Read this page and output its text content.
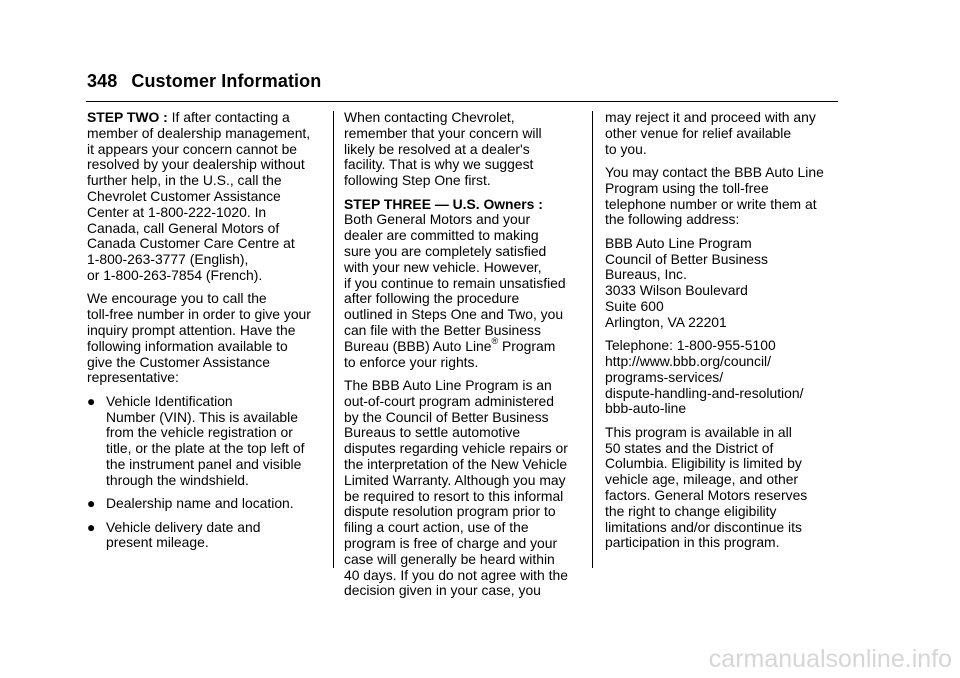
348 Customer Information

STEP TWO : If after contacting a
member of dealership management,
it appears your concern cannot be
resolved by your dealership without
further help, in the U.S., call the
Chevrolet Customer Assistance
Center at 1-800-222-1020. In
Canada, call General Motors of
Canada Customer Care Centre at
1-800-263-3777 (English),
or 1-800-263-7854 (French).

We encourage you to call the
toll-free number in order to give your
inquiry prompt attention. Have the
following information available to
give the Customer Assistance
representative:

● Vehicle Identification
Number (VIN). This is available
from the vehicle registration or
title, or the plate at the top left of
the instrument panel and visible
through the windshield.
● Dealership name and location.
● Vehicle delivery date and
present mileage.

When contacting Chevrolet,
remember that your concern will
likely be resolved at a dealer's
facility. That is why we suggest
following Step One first.

STEP THREE — U.S. Owners :
Both General Motors and your
dealer are committed to making
sure you are completely satisfied
with your new vehicle. However,
if you continue to remain unsatisfied
after following the procedure
outlined in Steps One and Two, you
can file with the Better Business
Bureau (BBB) Auto Line® Program
to enforce your rights.

The BBB Auto Line Program is an
out-of-court program administered
by the Council of Better Business
Bureaus to settle automotive
disputes regarding vehicle repairs or
the interpretation of the New Vehicle
Limited Warranty. Although you may
be required to resort to this informal
dispute resolution program prior to
filing a court action, use of the
program is free of charge and your
case will generally be heard within
40 days. If you do not agree with the
decision given in your case, you

may reject it and proceed with any
other venue for relief available
to you.

You may contact the BBB Auto Line
Program using the toll-free
telephone number or write them at
the following address:

BBB Auto Line Program
Council of Better Business
Bureaus, Inc.
3033 Wilson Boulevard
Suite 600
Arlington, VA 22201

Telephone: 1-800-955-5100
http://www.bbb.org/council/
programs-services/
dispute-handling-and-resolution/
bbb-auto-line

This program is available in all
50 states and the District of
Columbia. Eligibility is limited by
vehicle age, mileage, and other
factors. General Motors reserves
the right to change eligibility
limitations and/or discontinue its
participation in this program.

carmanualsonline.info
